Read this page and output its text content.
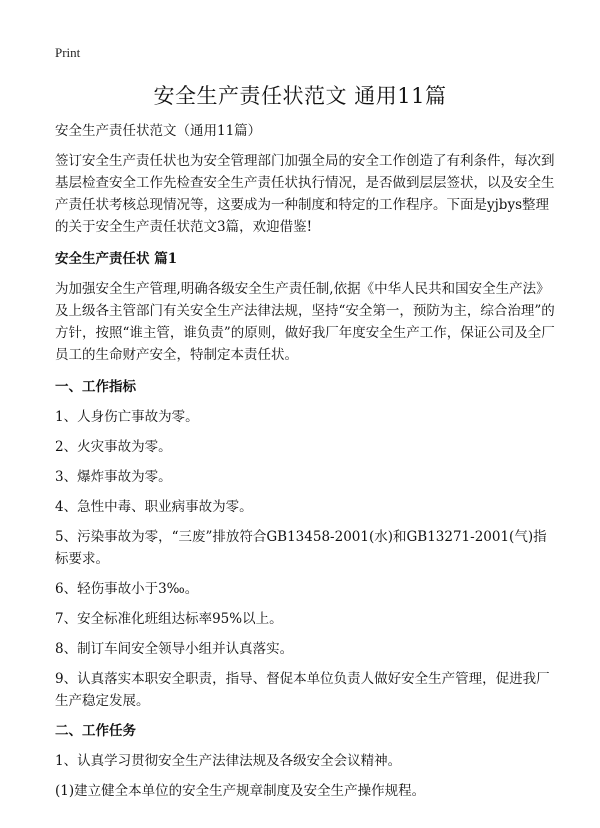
Print
安全生产责任状范文 通用11篇

安全生产责任状范文（通用11篇）

签订安全生产责任状也为安全管理部门加强全局的安全工作创造了有利条件，每次到基层检查安全工作先检查安全生产责任状执行情况，是否做到层层签状，以及安全生产责任状考核总现情况等，这要成为一种制度和特定的工作程序。下面是yjbys整理的关于安全生产责任状范文3篇，欢迎借鉴!

安全生产责任状 篇1

为加强安全生产管理,明确各级安全生产责任制,依据《中华人民共和国安全生产法》及上级各主管部门有关安全生产法律法规，坚持“安全第一，预防为主，综合治理”的方针，按照“谁主管，谁负责”的原则，做好我厂年度安全生产工作，保证公司及全厂员工的生命财产安全，特制定本责任状。

一、工作指标

1、人身伤亡事故为零。

2、火灾事故为零。

3、爆炸事故为零。

4、急性中毒、职业病事故为零。

5、污染事故为零，“三废”排放符合GB13458-2001(水)和GB13271-2001(气)指标要求。

6、轻伤事故小于3‰。

7、安全标准化班组达标率95%以上。

8、制订车间安全领导小组并认真落实。

9、认真落实本职安全职责，指导、督促本单位负责人做好安全生产管理，促进我厂生产稳定发展。

二、工作任务

1、认真学习贯彻安全生产法律法规及各级安全会议精神。

(1)建立健全本单位的安全生产规章制度及安全生产操作规程。
